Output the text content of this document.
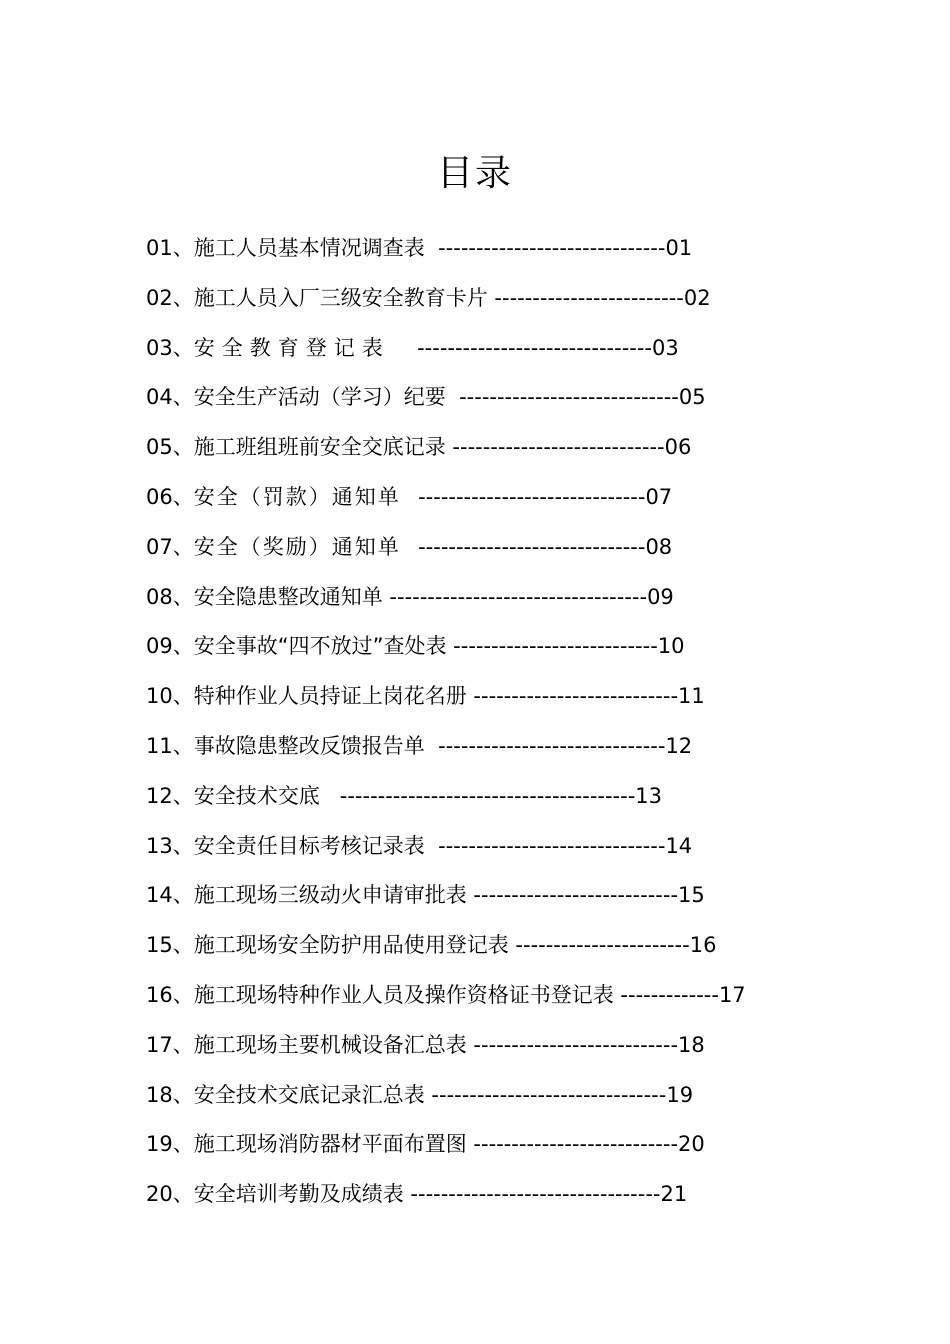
目录
01、施工人员基本情况调查表  ------------------------------01
02、施工人员入厂三级安全教育卡片 -------------------------02
03、安全教育登记表  -------------------------------03
04、安全生产活动（学习）纪要  -----------------------------05
05、施工班组班前安全交底记录 ----------------------------06
06、安全（罚款）通知单  ------------------------------07
07、安全（奖励）通知单  ------------------------------08
08、安全隐患整改通知单 ----------------------------------09
09、安全事故“四不放过”查处表 ---------------------------10
10、特种作业人员持证上岗花名册 ---------------------------11
11、事故隐患整改反馈报告单  ------------------------------12
12、安全技术交底   ---------------------------------------13
13、安全责任目标考核记录表  ------------------------------14
14、施工现场三级动火申请审批表 ---------------------------15
15、施工现场安全防护用品使用登记表 -----------------------16
16、施工现场特种作业人员及操作资格证书登记表 -------------17
17、施工现场主要机械设备汇总表 ---------------------------18
18、安全技术交底记录汇总表 -------------------------------19
19、施工现场消防器材平面布置图 ---------------------------20
20、安全培训考勤及成绩表 ---------------------------------21
